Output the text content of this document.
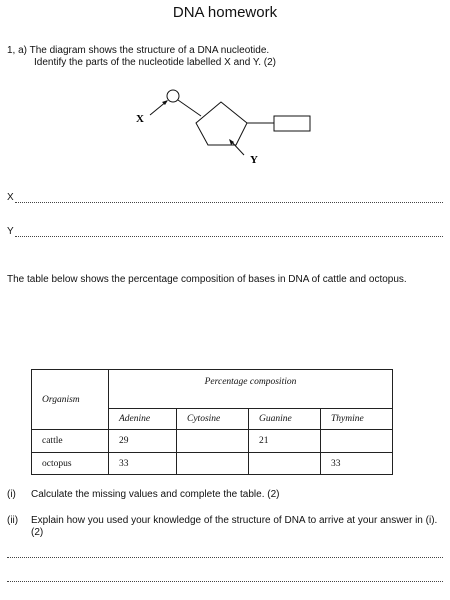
DNA homework
1, a) The diagram shows the structure of a DNA nucleotide.
Identify the parts of the nucleotide labelled X and Y. (2)
X
Y
X
Y
The table below shows the percentage composition of bases in DNA of cattle and octopus.
Organism	Percentage composition			
	Adenine	Cytosine	Guanine	Thymine
cattle	29		21	
octopus	33			33
(i)	Calculate the missing values and complete the table. (2)
(ii)	Explain how you used your knowledge of the structure of DNA to arrive at your answer in (i). (2)
